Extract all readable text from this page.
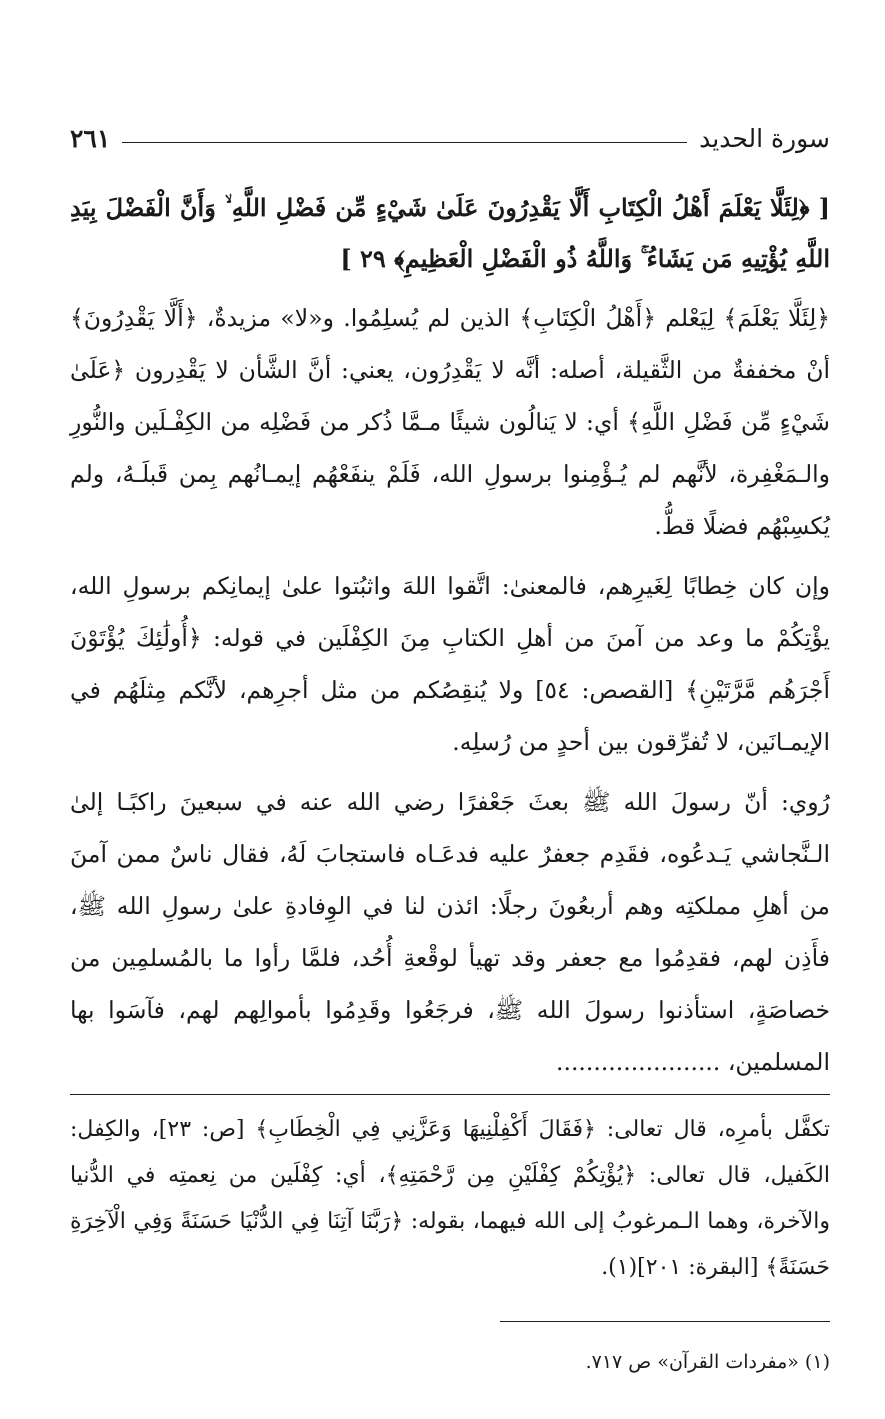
سورة الحديد
٢٦١
[ ﴿لِئَلَّا يَعْلَمَ أَهْلُ الْكِتَابِ أَلَّا يَقْدِرُونَ عَلَىٰ شَيْءٍ مِّن فَضْلِ اللَّهِ ۙ وَأَنَّ الْفَضْلَ بِيَدِ اللَّهِ يُؤْتِيهِ مَن يَشَاءُ ۚ وَاللَّهُ ذُو الْفَضْلِ الْعَظِيمِ﴾ ٢٩ ]

﴿لِئَلَّا يَعْلَمَ﴾ لِيَعْلم ﴿أَهْلُ الْكِتَابِ﴾ الذين لم يُسلِمُوا. و«لا» مزيدةٌ، ﴿أَلَّا يَقْدِرُونَ﴾ أنْ مخففةٌ من الثَّقيلة، أصله: أنَّه لا يَقْدِرُون، يعني: أنَّ الشَّأن لا يَقْدِرون ﴿عَلَىٰ شَيْءٍ مِّن فَضْلِ اللَّهِ﴾ أي: لا يَنالُون شيئًا مـمَّا ذُكر من فَضْلِه من الكِفْـلَين والنُّورِ والـمَغْفِرة، لأنَّهم لم يُـؤْمِنوا برسولِ الله، فَلَمْ ينفَعْهُم إيمـانُهم بِمن قَبلَـهُ، ولم يُكسِبْهُم فضلًا قطُّ.

وإن كان خِطابًا لِغَيرِهم، فالمعنىٰ: اتَّقوا اللهَ واثبُتوا علىٰ إيمانِكم برسولِ الله، يؤْتِكُمْ ما وعد من آمنَ من أهلِ الكتابِ مِنَ الكِفْلَين في قوله: ﴿أُولَٰئِكَ يُؤْتَوْنَ أَجْرَهُم مَّرَّتَيْنِ﴾ [القصص: ٥٤] ولا يُنقِصُكم من مثل أجرِهم، لأنَّكم مِثلَهُم في الإيمـانَين، لا تُفرِّقون بين أحدٍ من رُسلِه.

رُوي: أنّ رسولَ الله ﷺ بعثَ جَعْفرًا رضي الله عنه في سبعينَ راكبًـا إلىٰ الـنَّجاشي يَـدعُوه، فقَدِم جعفرٌ عليه فدعَـاه فاستجابَ لَهُ، فقال ناسٌ ممن آمنَ من أهلِ مملكتِه وهم أربعُونَ رجلًا: ائذن لنا في الوِفادةِ علىٰ رسولِ الله ﷺ، فأَذِن لهم، فقدِمُوا مع جعفر وقد تهيأ لوقْعةِ أُحُد، فلمَّا رأوا ما بالمُسلمِين من خصاصَةٍ، استأذنوا رسولَ الله ﷺ، فرجَعُوا وقَدِمُوا بأموالِهم لهم، فآسَوا بها المسلمين، ......................

تكفَّل بأمرِه، قال تعالى: ﴿فَقَالَ أَكْفِلْنِيهَا وَعَزَّنِي فِي الْخِطَابِ﴾ [ص: ٢٣]، والكِفل: الكَفيل، قال تعالى: ﴿يُؤْتِكُمْ كِفْلَيْنِ مِن رَّحْمَتِهِ﴾، أي: كِفْلَين من نِعمتِه في الدُّنيا والآخرة، وهما الـمرغوبُ إلى الله فيهما، بقوله: ﴿رَبَّنَا آتِنَا فِي الدُّنْيَا حَسَنَةً وَفِي الْآخِرَةِ حَسَنَةً﴾ [البقرة: ٢٠١](١).

(١) «مفردات القرآن» ص ٧١٧.
